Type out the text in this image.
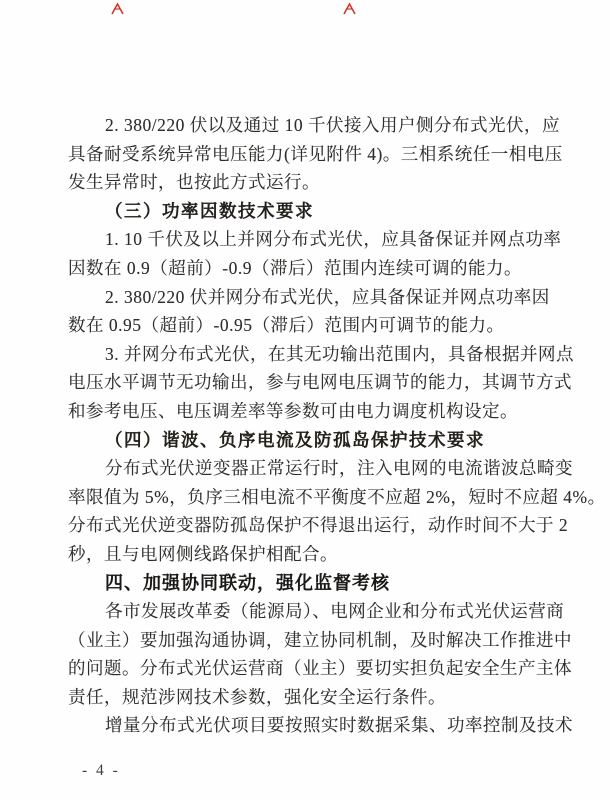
2. 380/220 伏以及通过 10 千伏接入用户侧分布式光伏，应
具备耐受系统异常电压能力(详见附件 4)。三相系统任一相电压
发生异常时，也按此方式运行。
（三）功率因数技术要求
1. 10 千伏及以上并网分布式光伏，应具备保证并网点功率
因数在 0.9（超前）-0.9（滞后）范围内连续可调的能力。
2. 380/220 伏并网分布式光伏，应具备保证并网点功率因
数在 0.95（超前）-0.95（滞后）范围内可调节的能力。
3. 并网分布式光伏，在其无功输出范围内，具备根据并网点
电压水平调节无功输出，参与电网电压调节的能力，其调节方式
和参考电压、电压调差率等参数可由电力调度机构设定。
（四）谐波、负序电流及防孤岛保护技术要求
分布式光伏逆变器正常运行时，注入电网的电流谐波总畸变
率限值为 5%，负序三相电流不平衡度不应超 2%，短时不应超 4%。
分布式光伏逆变器防孤岛保护不得退出运行，动作时间不大于 2
秒，且与电网侧线路保护相配合。
四、加强协同联动，强化监督考核
各市发展改革委（能源局）、电网企业和分布式光伏运营商
（业主）要加强沟通协调，建立协同机制，及时解决工作推进中
的问题。分布式光伏运营商（业主）要切实担负起安全生产主体
责任，规范涉网技术参数，强化安全运行条件。
增量分布式光伏项目要按照实时数据采集、功率控制及技术
- 4 -
